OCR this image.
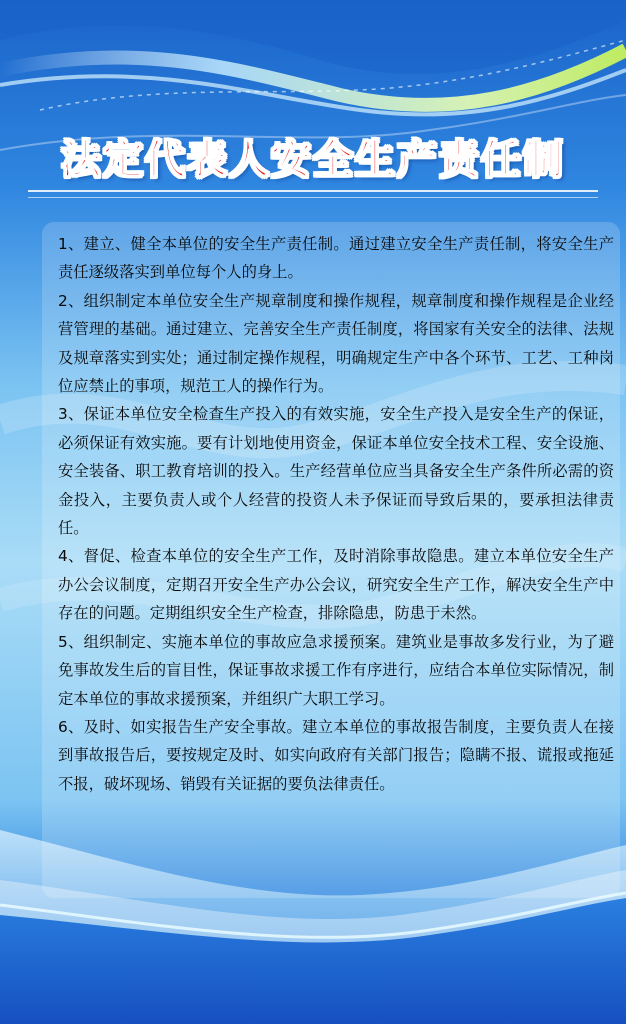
法定代表人安全生产责任制

1、建立、健全本单位的安全生产责任制。通过建立安全生产责任制，将安全生产责任逐级落实到单位每个人的身上。

2、组织制定本单位安全生产规章制度和操作规程，规章制度和操作规程是企业经营管理的基础。通过建立、完善安全生产责任制度，将国家有关安全的法律、法规及规章落实到实处；通过制定操作规程，明确规定生产中各个环节、工艺、工种岗位应禁止的事项，规范工人的操作行为。

3、保证本单位安全检查生产投入的有效实施，安全生产投入是安全生产的保证，必须保证有效实施。要有计划地使用资金，保证本单位安全技术工程、安全设施、安全装备、职工教育培训的投入。生产经营单位应当具备安全生产条件所必需的资金投入，主要负责人或个人经营的投资人未予保证而导致后果的，要承担法律责任。

4、督促、检查本单位的安全生产工作，及时消除事故隐患。建立本单位安全生产办公会议制度，定期召开安全生产办公会议，研究安全生产工作，解决安全生产中存在的问题。定期组织安全生产检查，排除隐患，防患于未然。

5、组织制定、实施本单位的事故应急求援预案。建筑业是事故多发行业，为了避免事故发生后的盲目性，保证事故求援工作有序进行，应结合本单位实际情况，制定本单位的事故求援预案，并组织广大职工学习。

6、及时、如实报告生产安全事故。建立本单位的事故报告制度，主要负责人在接到事故报告后，要按规定及时、如实向政府有关部门报告；隐瞒不报、谎报或拖延不报，破坏现场、销毁有关证据的要负法律责任。
